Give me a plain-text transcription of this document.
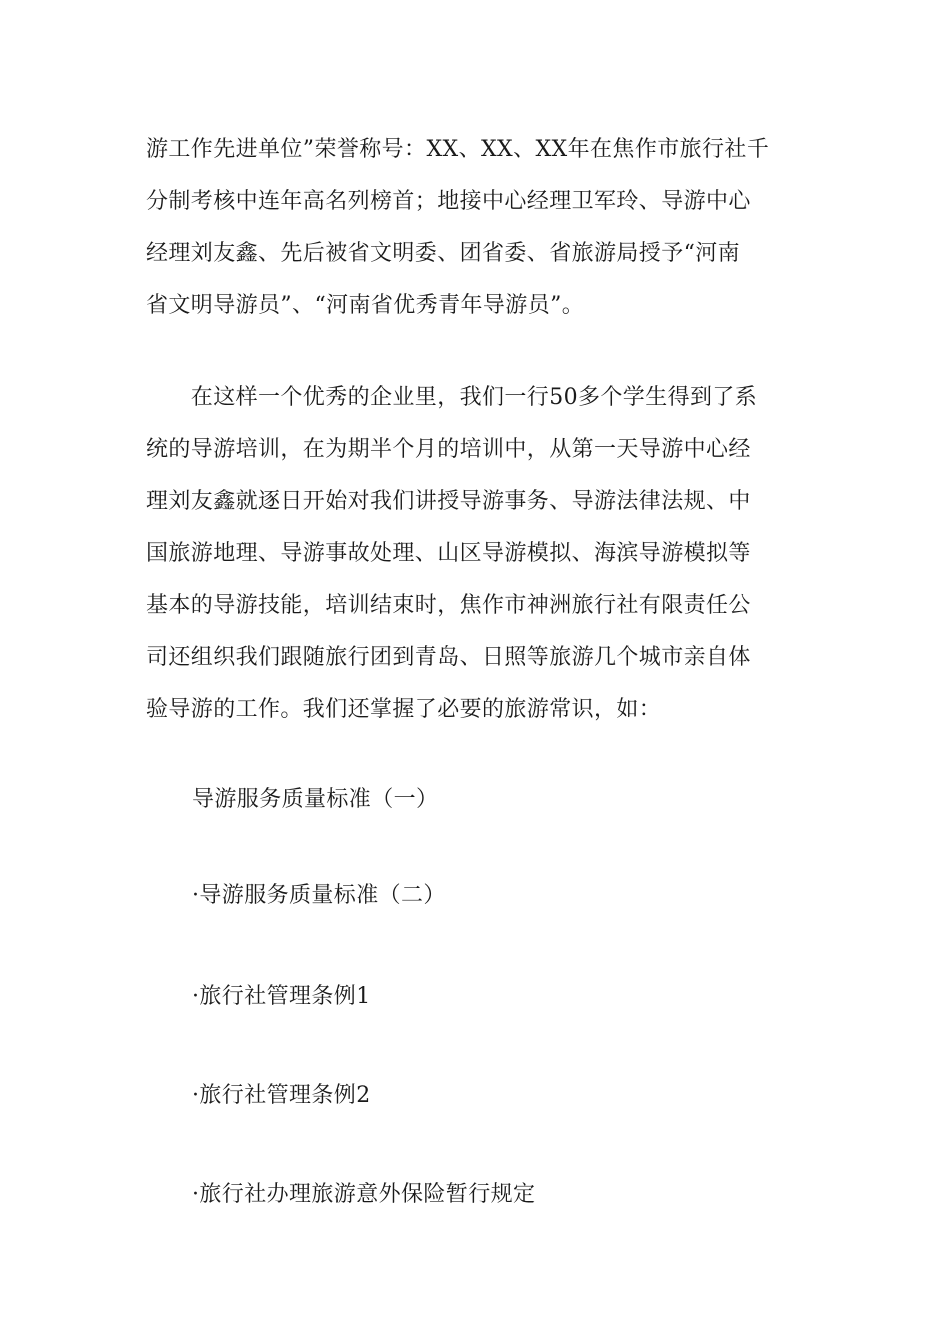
游工作先进单位”荣誉称号：XX、XX、XX年在焦作市旅行社千
分制考核中连年高名列榜首；地接中心经理卫军玲、导游中心
经理刘友鑫、先后被省文明委、团省委、省旅游局授予“河南
省文明导游员”、“河南省优秀青年导游员”。

　　在这样一个优秀的企业里，我们一行50多个学生得到了系
统的导游培训，在为期半个月的培训中，从第一天导游中心经
理刘友鑫就逐日开始对我们讲授导游事务、导游法律法规、中
国旅游地理、导游事故处理、山区导游模拟、海滨导游模拟等
基本的导游技能，培训结束时，焦作市神洲旅行社有限责任公
司还组织我们跟随旅行团到青岛、日照等旅游几个城市亲自体
验导游的工作。我们还掌握了必要的旅游常识，如：

导游服务质量标准（一）

·导游服务质量标准（二）

·旅行社管理条例1

·旅行社管理条例2

·旅行社办理旅游意外保险暂行规定
